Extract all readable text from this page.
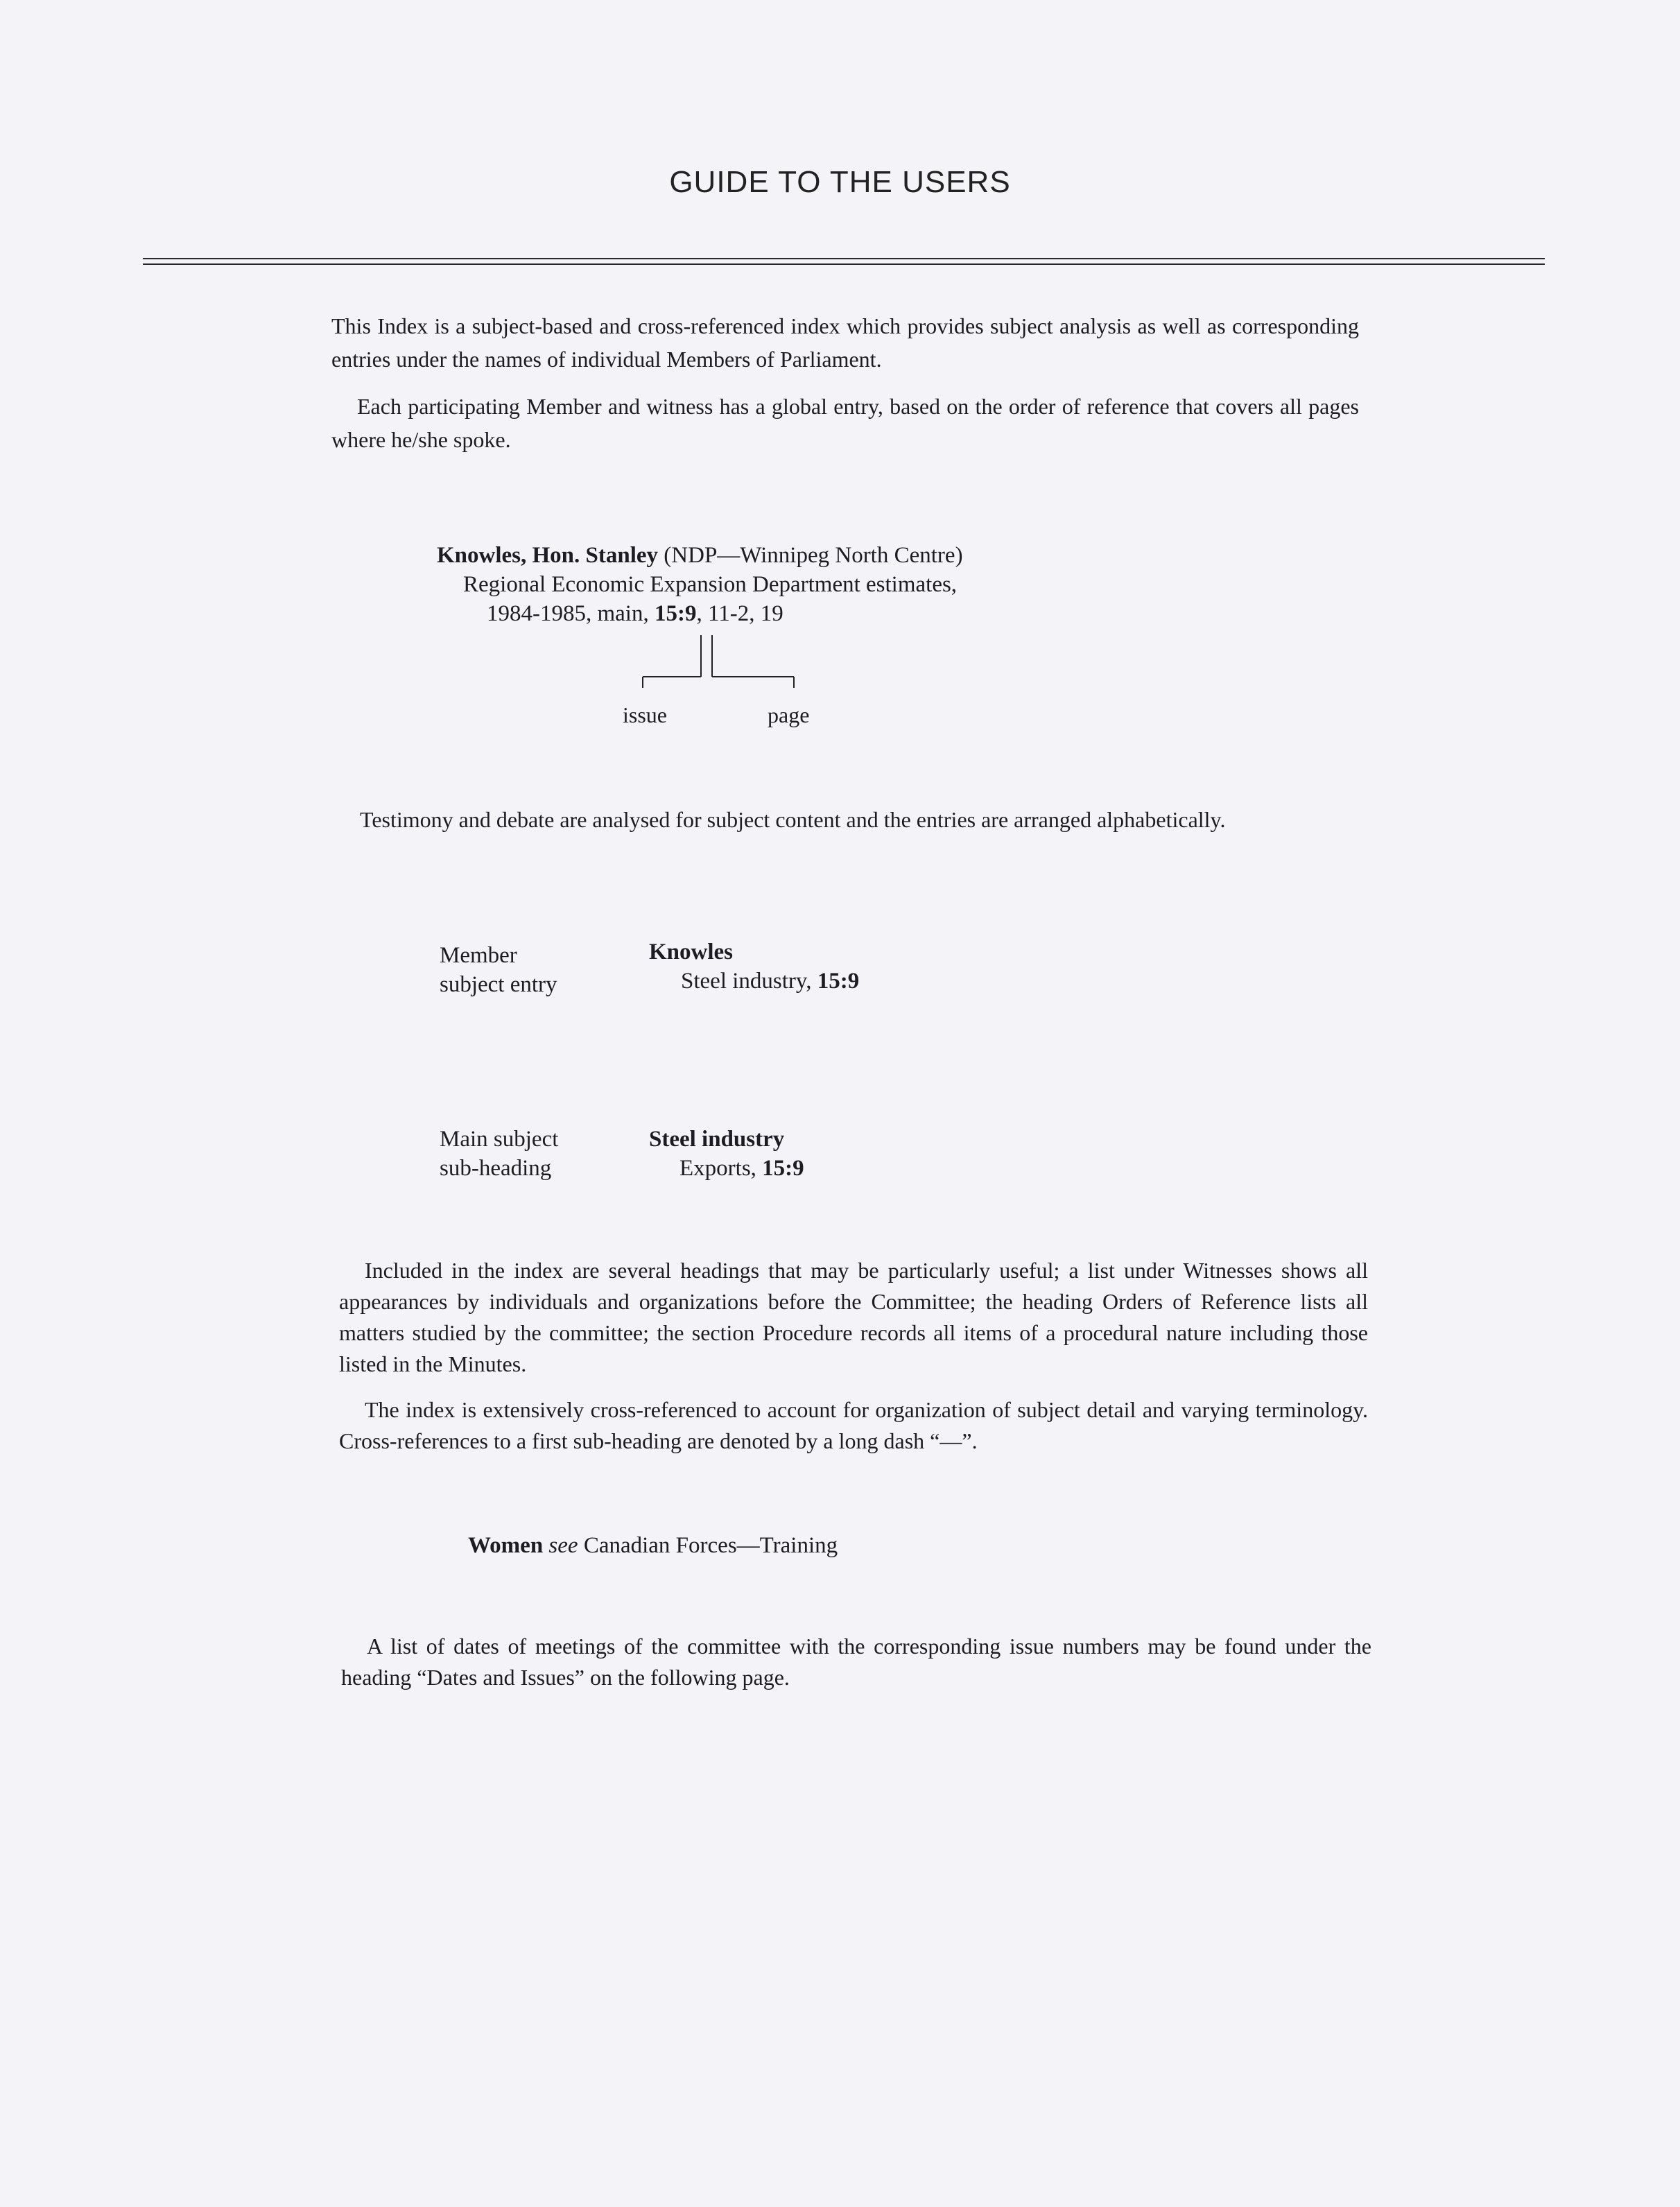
GUIDE TO THE USERS

This Index is a subject-based and cross-referenced index which provides subject analysis as well as corresponding entries under the names of individual Members of Parliament.

Each participating Member and witness has a global entry, based on the order of reference that covers all pages where he/she spoke.

Knowles, Hon. Stanley (NDP—Winnipeg North Centre)
Regional Economic Expansion Department estimates,
1984-1985, main, 15:9, 11-2, 19
issue	page

Testimony and debate are analysed for subject content and the entries are arranged alphabetically.

Member
subject entry
Knowles
Steel industry, 15:9
Main subject
sub-heading
Steel industry
Exports, 15:9

Included in the index are several headings that may be particularly useful; a list under Witnesses shows all appearances by individuals and organizations before the Committee; the heading Orders of Reference lists all matters studied by the committee; the section Procedure records all items of a procedural nature including those listed in the Minutes.

The index is extensively cross-referenced to account for organization of subject detail and varying terminology. Cross-references to a first sub-heading are denoted by a long dash “—”.

Women see Canadian Forces—Training

A list of dates of meetings of the committee with the corresponding issue numbers may be found under the heading “Dates and Issues” on the following page.
